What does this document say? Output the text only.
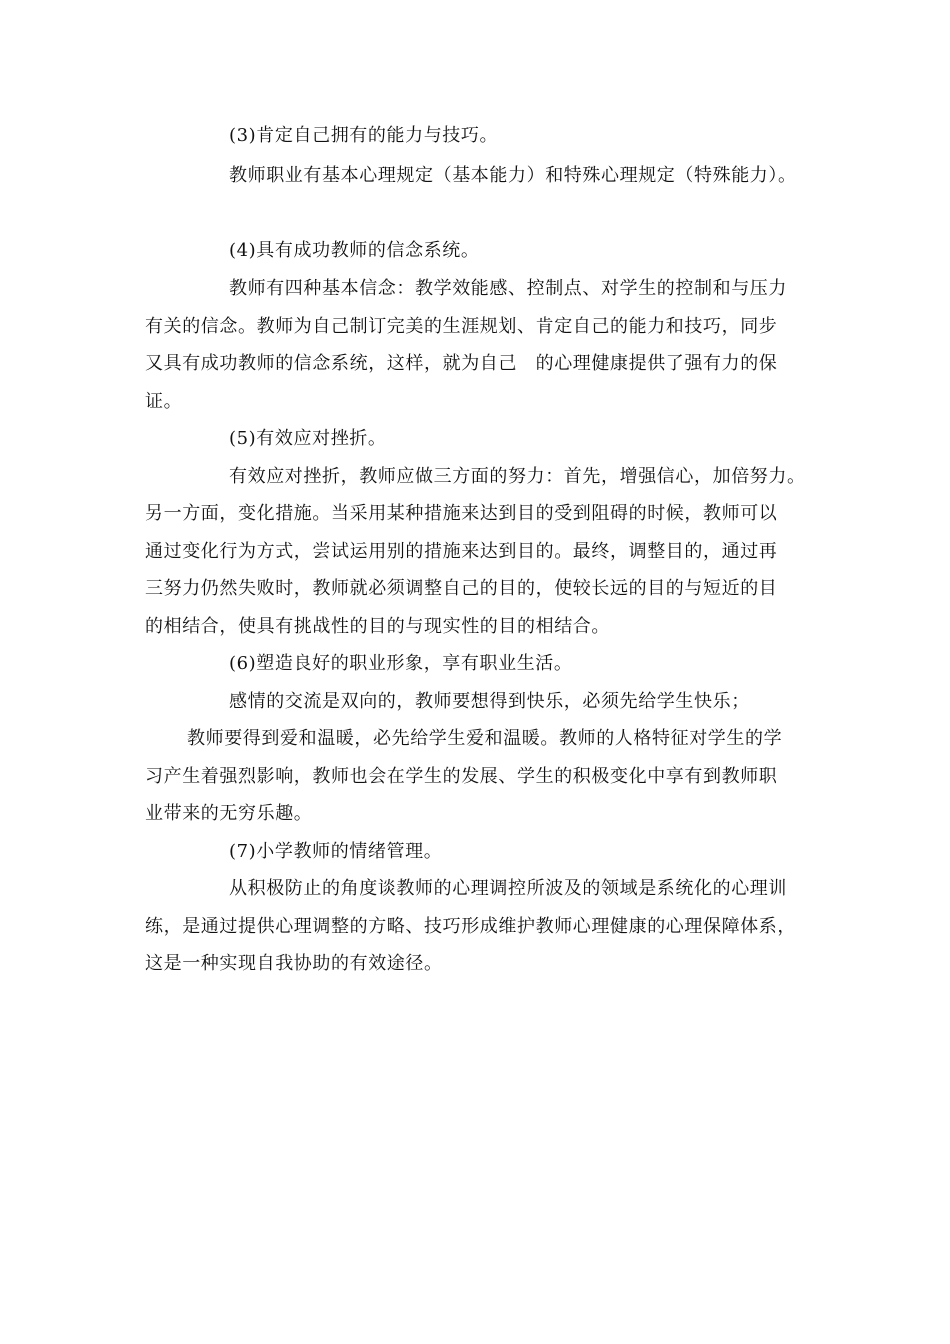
(3)肯定自己拥有的能力与技巧。
教师职业有基本心理规定（基本能力）和特殊心理规定（特殊能力）。
(4)具有成功教师的信念系统。
教师有四种基本信念：教学效能感、控制点、对学生的控制和与压力
有关的信念。教师为自己制订完美的生涯规划、肯定自己的能力和技巧，同步
又具有成功教师的信念系统，这样，就为自己　的心理健康提供了强有力的保
证。
(5)有效应对挫折。
有效应对挫折，教师应做三方面的努力：首先，增强信心，加倍努力。
另一方面，变化措施。当采用某种措施来达到目的受到阻碍的时候，教师可以
通过变化行为方式，尝试运用别的措施来达到目的。最终，调整目的，通过再
三努力仍然失败时，教师就必须调整自己的目的，使较长远的目的与短近的目
的相结合，使具有挑战性的目的与现实性的目的相结合。
(6)塑造良好的职业形象，享有职业生活。
感情的交流是双向的，教师要想得到快乐，必须先给学生快乐；
教师要得到爱和温暖，必先给学生爱和温暖。教师的人格特征对学生的学
习产生着强烈影响，教师也会在学生的发展、学生的积极变化中享有到教师职
业带来的无穷乐趣。
(7)小学教师的情绪管理。
从积极防止的角度谈教师的心理调控所波及的领域是系统化的心理训
练，是通过提供心理调整的方略、技巧形成维护教师心理健康的心理保障体系，
这是一种实现自我协助的有效途径。
